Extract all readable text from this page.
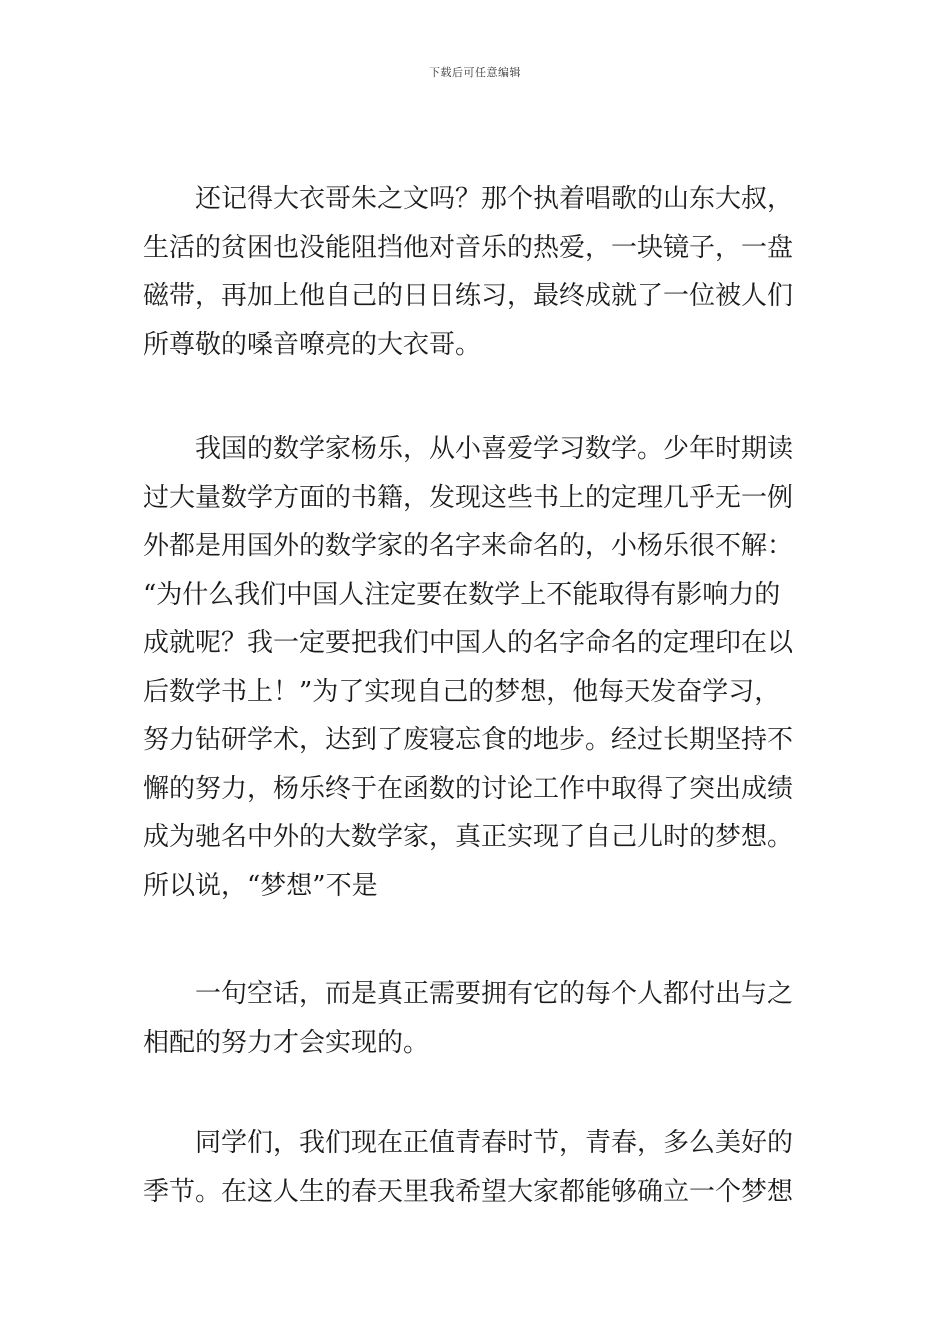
下载后可任意编辑
还记得大衣哥朱之文吗？那个执着唱歌的山东大叔，
生活的贫困也没能阻挡他对音乐的热爱，一块镜子，一盘
磁带，再加上他自己的日日练习，最终成就了一位被人们
所尊敬的嗓音嘹亮的大衣哥。
我国的数学家杨乐，从小喜爱学习数学。少年时期读
过大量数学方面的书籍，发现这些书上的定理几乎无一例
外都是用国外的数学家的名字来命名的，小杨乐很不解：
“为什么我们中国人注定要在数学上不能取得有影响力的
成就呢？我一定要把我们中国人的名字命名的定理印在以
后数学书上！”为了实现自己的梦想，他每天发奋学习，
努力钻研学术，达到了废寝忘食的地步。经过长期坚持不
懈的努力，杨乐终于在函数的讨论工作中取得了突出成绩
成为驰名中外的大数学家，真正实现了自己儿时的梦想。
所以说，“梦想”不是
一句空话，而是真正需要拥有它的每个人都付出与之
相配的努力才会实现的。
同学们，我们现在正值青春时节，青春，多么美好的
季节。在这人生的春天里我希望大家都能够确立一个梦想
